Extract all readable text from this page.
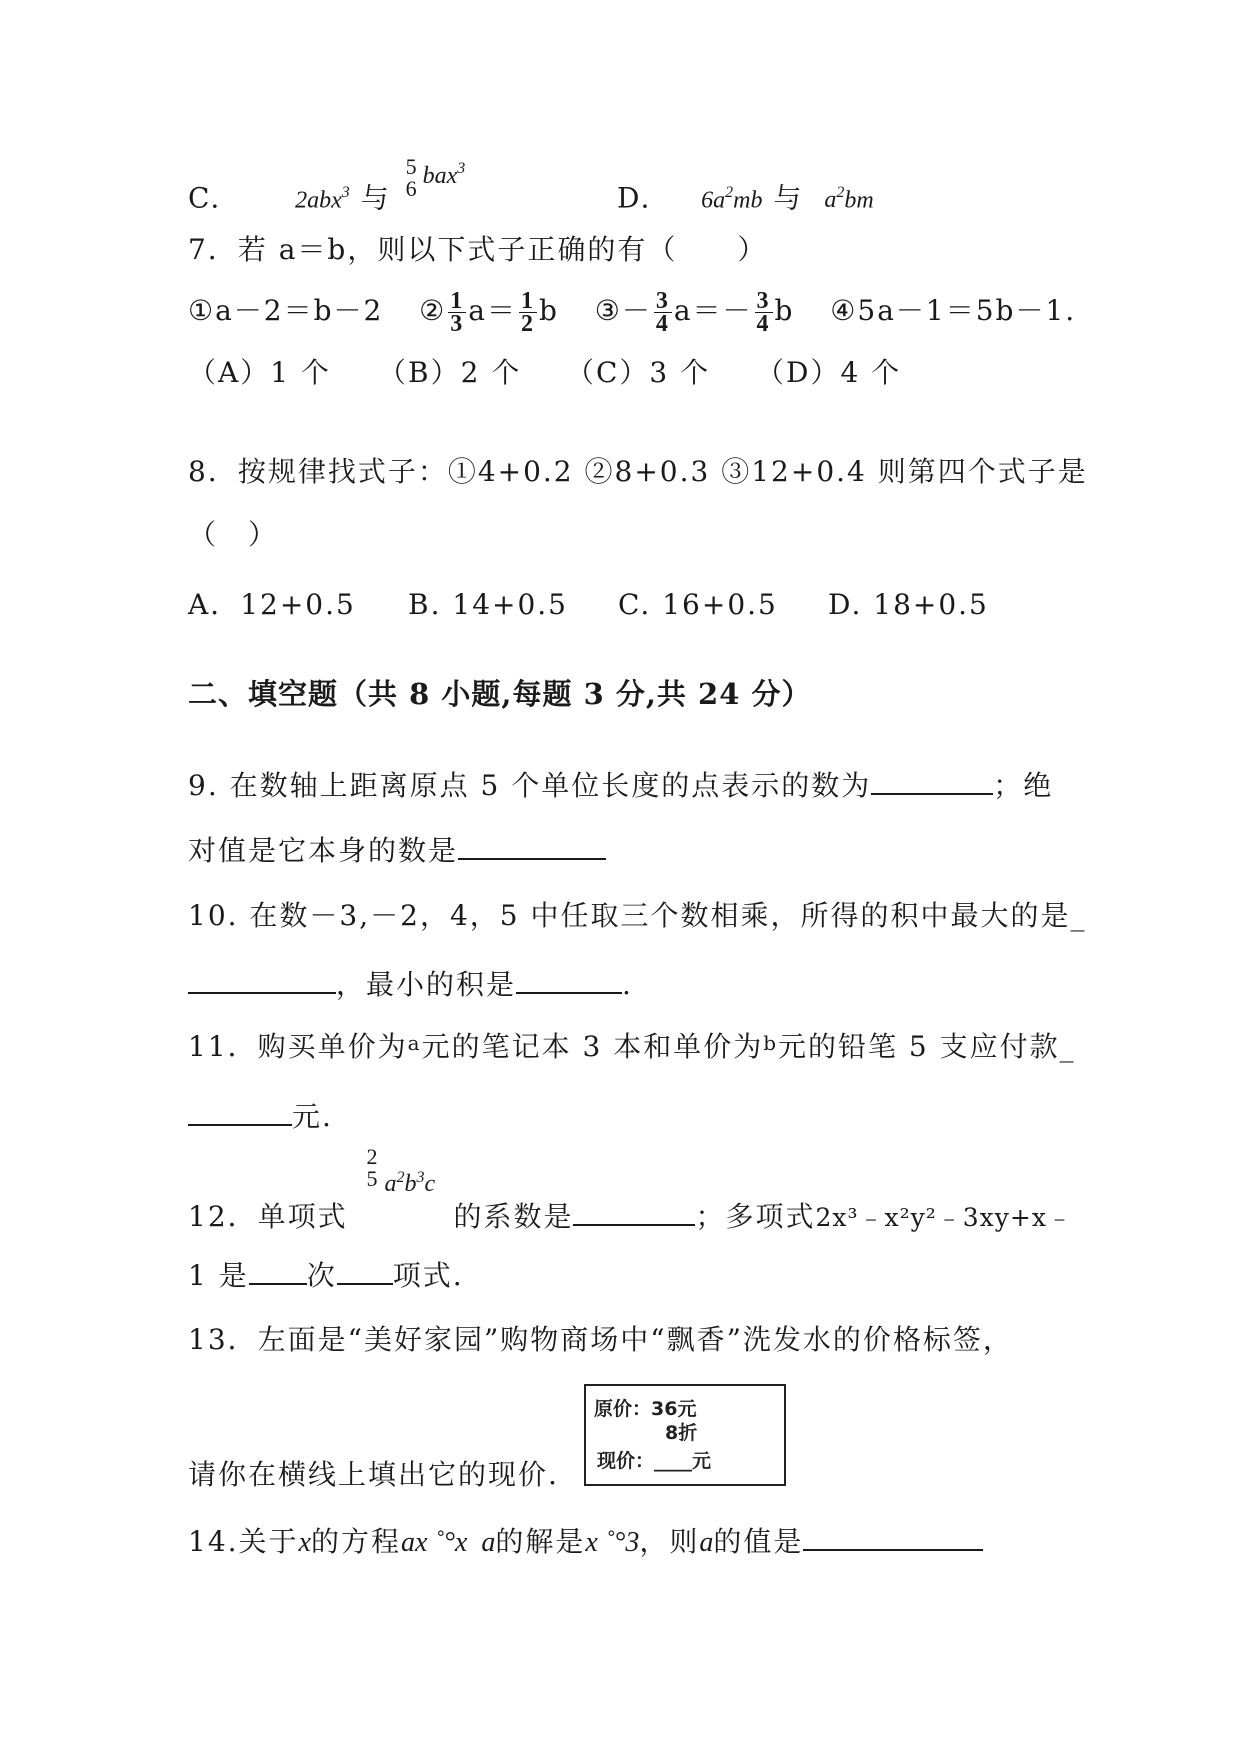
C.	2abx$^3$ 与
5
6 bax$^3$
D. $6a^2mb$ 与 $a^2bm$
7．若 a＝b，则以下式子正确的有（　　）
①a－2＝b－2 ② $\frac{1}{3} a= \frac{1}{2}$ b ③－ $\frac{3}{4} a=- \frac{3}{4}$ b ④5a－1＝5b－1.
（A）1 个 （B）2 个 （C）3 个 （D）4 个
8．按规律找式子：①4+0.2 ②8+0.3 ③12+0.4 则第四个式子是
（　）
A．12+0.5 B. 14+0.5 C. 16+0.5 D. 18+0.5
二、填空题（共 8 小题,每题 3 分,共 24 分）
9. 在数轴上距离原点 5 个单位长度的点表示的数为	；绝
对值是它本身的数是
10. 在数－3,－2，4，5 中任取三个数相乘，所得的积中最大的是_
，最小的积是	.
11．购买单价为$^a$元的笔记本 3 本和单价为$^b$元的铅笔 5 支应付款_
元.
12．单项式
2
5 $a^2b^3c$
的系数是	；多项式2x³﹣x²y²﹣3xy+x﹣
1 是 次 项式.
13．左面是“美好家园”购物商场中“飘香”洗发水的价格标签，
原价：36元
8折
现价：____元
请你在横线上填出它的现价.
14.关于x的方程ax ˚°x  a的解是x ˚°3，则a的值是
